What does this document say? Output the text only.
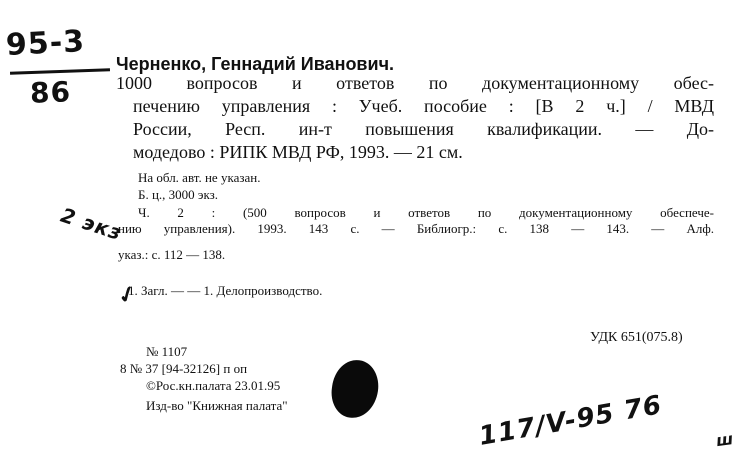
95-3
86
Черненко, Геннадий Иванович.
1000 вопросов и ответов по документационному обес-
печению управления : Учеб. пособие : [В 2 ч.] / МВД
России, Респ. ин-т повышения квалификации. — До-
модедово : РИПК МВД РФ, 1993. — 21 см.
На обл. авт. не указан.
Б. ц., 3000 экз.
Ч. 2 : (500 вопросов и ответов по документационному обеспече-
нию управления). 1993. 143 с. — Библиогр.: с. 138 — 143. — Алф.
указ.: с. 112 — 138.
2 экз
✓
1. Загл. — — 1. Делопроизводство.
УДК 651(075.8)
№ 1107
8 № 37 [94-32126] п оп
©Рос.кн.палата 23.01.95
Изд-во "Книжная палата"	117/V-95 76	ш
